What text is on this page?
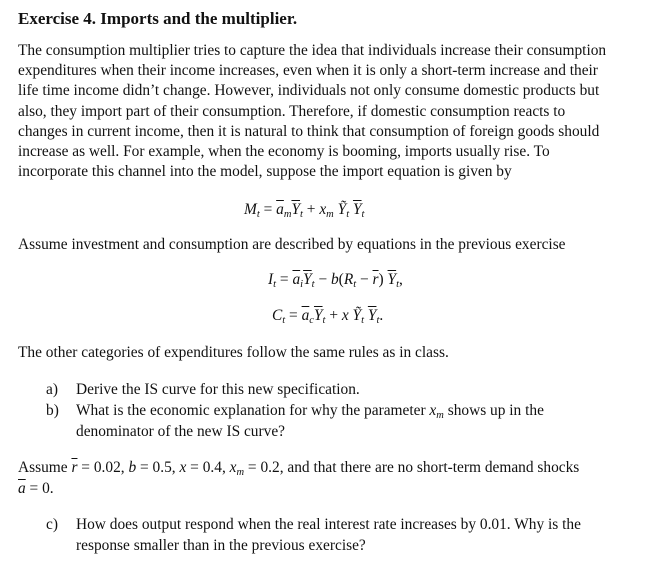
Exercise 4. Imports and the multiplier.
The consumption multiplier tries to capture the idea that individuals increase their consumption
expenditures when their income increases, even when it is only a short-term increase and their
life time income didn’t change. However, individuals not only consume domestic products but
also, they import part of their consumption. Therefore, if domestic consumption reacts to
changes in current income, then it is natural to think that consumption of foreign goods should
increase as well. For example, when the economy is booming, imports usually rise. To
incorporate this channel into the model, suppose the import equation is given by
$M_t = \overline{a}_m\overline{Y}_t + x_m$ Ỹ$_t$ $\overline{Y}_t$
Assume investment and consumption are described by equations in the previous exercise
$I_t = \overline{a}_i\overline{Y}_t - b(R_t - \overline{r})$ $\overline{Y}_t$,
$C_t = \overline{a}_c\overline{Y}_t + x$ Ỹ$_t$ $\overline{Y}_t$.
The other categories of expenditures follow the same rules as in class.
a) Derive the IS curve for this new specification.
b) What is the economic explanation for why the parameter $x_m$ shows up in the
denominator of the new IS curve?
Assume $\overline{r} = 0.02$, b = 0.5, x = 0.4, $x_m = 0.2$, and that there are no short-term demand shocks
$\overline{a} = 0$.
c) How does output respond when the real interest rate increases by 0.01. Why is the
response smaller than in the previous exercise?
